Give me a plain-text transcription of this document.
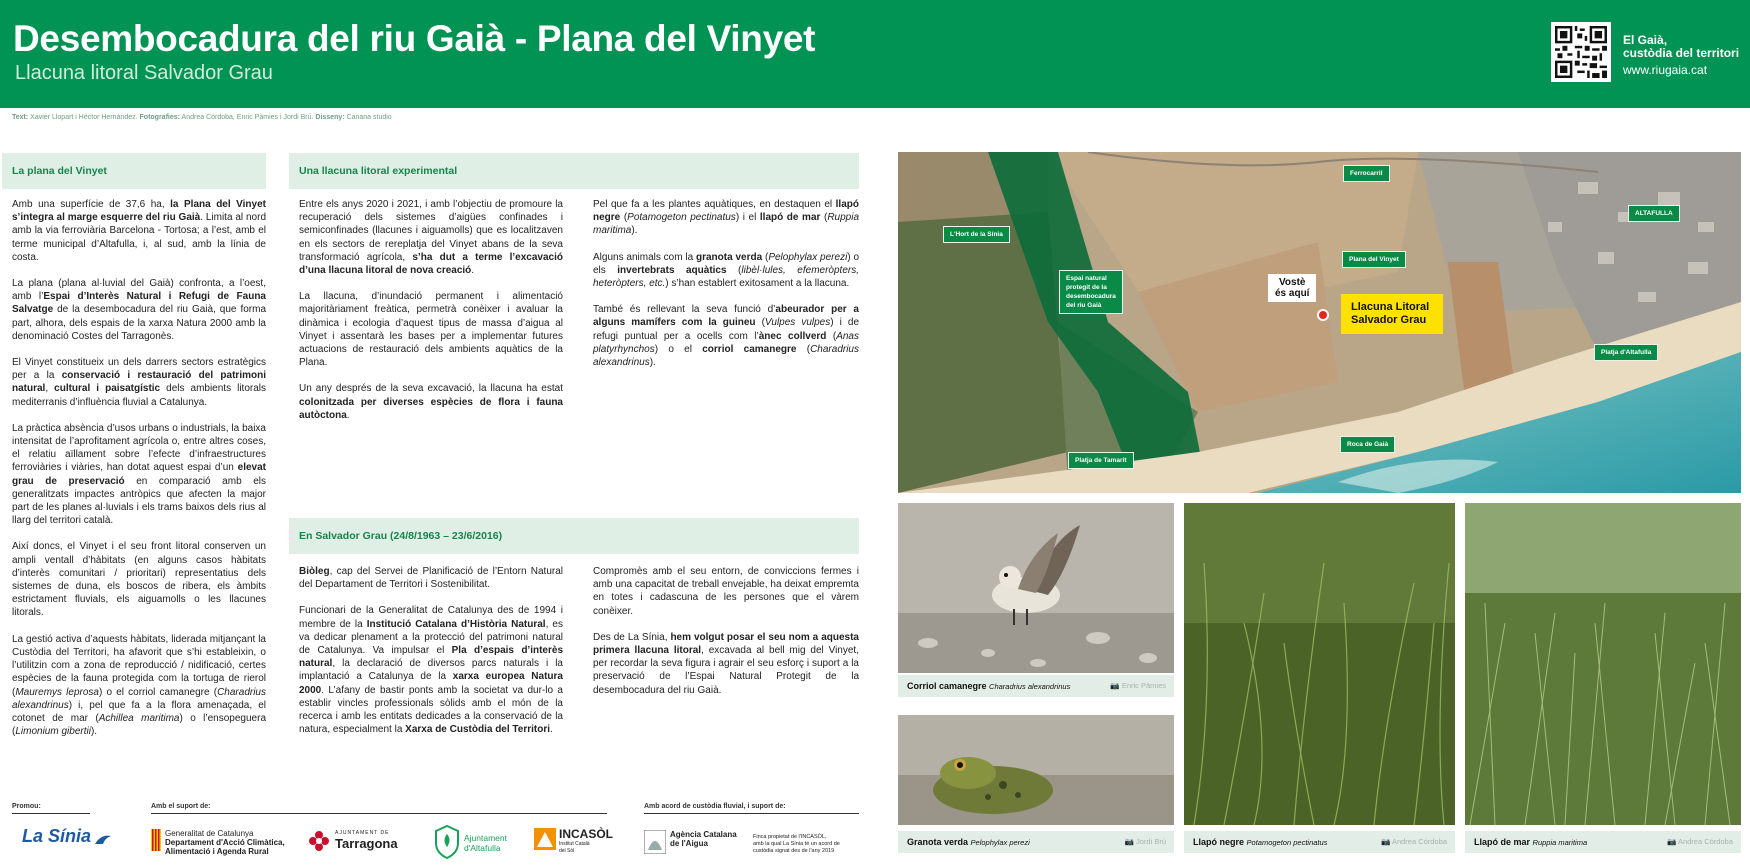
Desembocadura del riu Gaià - Plana del Vinyet
Llacuna litoral Salvador Grau
El Gaià,
custòdia del territori
www.riugaia.cat
Text: Xavier Llopart i Héctor Hernández. Fotografies: Andrea Córdoba, Enric Pàmies i Jordi Brú. Disseny: Canana studio
La plana del Vinyet	Una llacuna litoral experimental
En Salvador Grau (24/8/1963 – 23/6/2016)

Amb una superfície de 37,6 ha, la Plana del Vinyet s’integra al marge esquerre del riu Gaià. Limita al nord amb la via ferroviària Barcelona - Tortosa; a l’est, amb el terme municipal d’Altafulla, i, al sud, amb la línia de costa.

La plana (plana al·luvial del Gaià) confronta, a l’oest, amb l’Espai d’Interès Natural i Refugi de Fauna Salvatge de la desembocadura del riu Gaià, que forma part, alhora, dels espais de la xarxa Natura 2000 amb la denominació Costes del Tarragonès.

El Vinyet constitueix un dels darrers sectors estratègics per a la conservació i restauració del patrimoni natural, cultural i paisatgístic dels ambients litorals mediterranis d’influència fluvial a Catalunya.

La pràctica absència d’usos urbans o industrials, la baixa intensitat de l’aprofitament agrícola o, entre altres coses, el relatiu aïllament sobre l’efecte d’infraestructures ferroviàries i viàries, han dotat aquest espai d’un elevat grau de preservació en comparació amb els generalitzats impactes antròpics que afecten la major part de les planes al·luvials i els trams baixos dels rius al llarg del territori català.

Així doncs, el Vinyet i el seu front litoral conserven un ampli ventall d’hàbitats (en alguns casos hàbitats d’interès comunitari / prioritari) representatius dels sistemes de duna, els boscos de ribera, els àmbits estrictament fluvials, els aiguamolls o les llacunes litorals.

La gestió activa d’aquests hàbitats, liderada mitjançant la Custòdia del Territori, ha afavorit que s’hi estableixin, o l’utilitzin com a zona de reproducció / nidificació, certes espècies de la fauna protegida com la tortuga de rierol (Mauremys leprosa) o el corriol camanegre (Charadrius alexandrinus) i, pel que fa a la flora amenaçada, el cotonet de mar (Achillea maritima) o l’ensopeguera (Limonium gibertii).

Entre els anys 2020 i 2021, i amb l’objectiu de promoure la recuperació dels sistemes d’aigües confinades i semiconfinades (llacunes i aiguamolls) que es localitzaven en els sectors de rereplatja del Vinyet abans de la seva transformació agrícola, s’ha dut a terme l’excavació d’una llacuna litoral de nova creació.

La llacuna, d’inundació permanent i alimentació majoritàriament freàtica, permetrà conèixer i avaluar la dinàmica i ecologia d’aquest tipus de massa d’aigua al Vinyet i assentarà les bases per a implementar futures actuacions de restauració dels ambients aquàtics de la Plana.

Un any després de la seva excavació, la llacuna ha estat colonitzada per diverses espècies de flora i fauna autòctona.

Pel que fa a les plantes aquàtiques, en destaquen el llapó negre (Potamogeton pectinatus) i el llapó de mar (Ruppia maritima).

Alguns animals com la granota verda (Pelophylax perezi) o els invertebrats aquàtics (libèl·lules, efemeròpters, heteròpters, etc.) s’han establert exitosament a la llacuna.

També és rellevant la seva funció d’abeurador per a alguns mamífers com la guineu (Vulpes vulpes) i de refugi puntual per a ocells com l’ànec collverd (Anas platyrhynchos) o el corriol camanegre (Charadrius alexandrinus).

Biòleg, cap del Servei de Planificació de l’Entorn Natural del Departament de Territori i Sostenibilitat.

Funcionari de la Generalitat de Catalunya des de 1994 i membre de la Institució Catalana d’Història Natural, es va dedicar plenament a la protecció del patrimoni natural de Catalunya. Va impulsar el Pla d’espais d’interès natural, la declaració de diversos parcs naturals i la implantació a Catalunya de la xarxa europea Natura 2000. L’afany de bastir ponts amb la societat va dur-lo a establir vincles professionals sòlids amb el món de la recerca i amb les entitats dedicades a la conservació de la natura, especialment la Xarxa de Custòdia del Territori.

Compromès amb el seu entorn, de conviccions fermes i amb una capacitat de treball envejable, ha deixat empremta en totes i cadascuna de les persones que el vàrem conèixer.

Des de La Sínia, hem volgut posar el seu nom a aquesta primera llacuna litoral, excavada al bell mig del Vinyet, per recordar la seva figura i agrair el seu esforç i suport a la preservació de l’Espai Natural Protegit de la desembocadura del riu Gaià.

Promou:	Amb el suport de:	Amb acord de custòdia fluvial, i suport de:
La Sínia	Generalitat de Catalunya
Departament d'Acció Climàtica,
Alimentació i Agenda Rural
AJUNTAMENT DE
Tarragona	Ajuntament
d'Altafulla
INCASÒL
Institut Català
del Sòl
Agència Catalana
de l'Aigua
Finca propietat de l'INCASÒL,
amb la qual La Sínia té un acord de
custòdia signat des de l'any 2019
Ferrocarril
ALTAFULLA
L'Hort de la Sínia
Plana del Vinyet
Espai natural
protegit de la
desembocadura
del riu Gaià
Platja d'Altafulla
Platja de Tamarit
Roca de Gaià
Vostè
és aquí
Llacuna Litoral Salvador Grau
Corriol camanegre Charadrius alexandrinus	📷 Enric Pàmies
Granota verda Pelophylax perezi	📷 Jordi Brú	Llapó negre Potamogeton pectinatus	📷 Andrea Córdoba	Llapó de mar Ruppia maritima	📷 Andrea Córdoba
